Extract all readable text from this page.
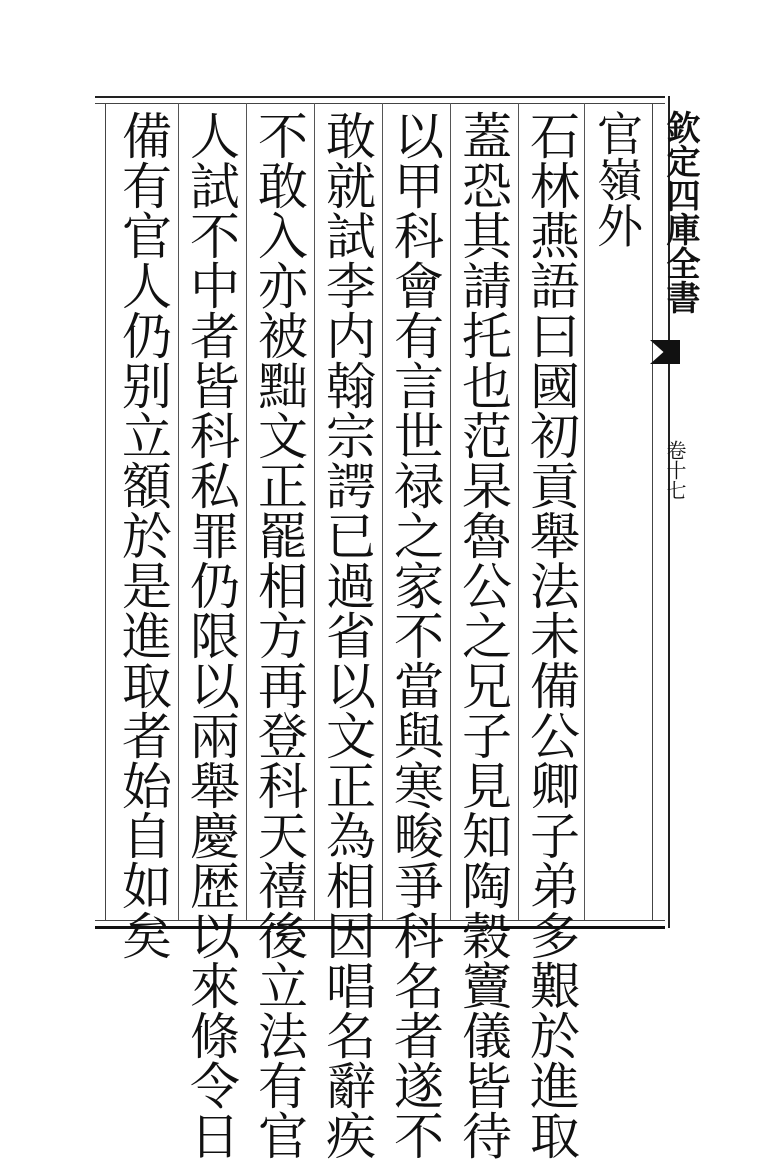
欽定四庫全書
卷十七
官嶺外
石林燕語曰國初貢舉法未備公卿子弟多艱於進取
蓋恐其請托也范杲魯公之兄子見知陶穀竇儀皆待
以甲科會有言世禄之家不當與寒畯爭科名者遂不
敢就試李内翰宗諤已過省以文正為相因唱名辭疾
不敢入亦被黜文正罷相方再登科天禧後立法有官
人試不中者皆科私罪仍限以兩舉慶歴以來條令日
備有官人仍别立額於是進取者始自如矣
